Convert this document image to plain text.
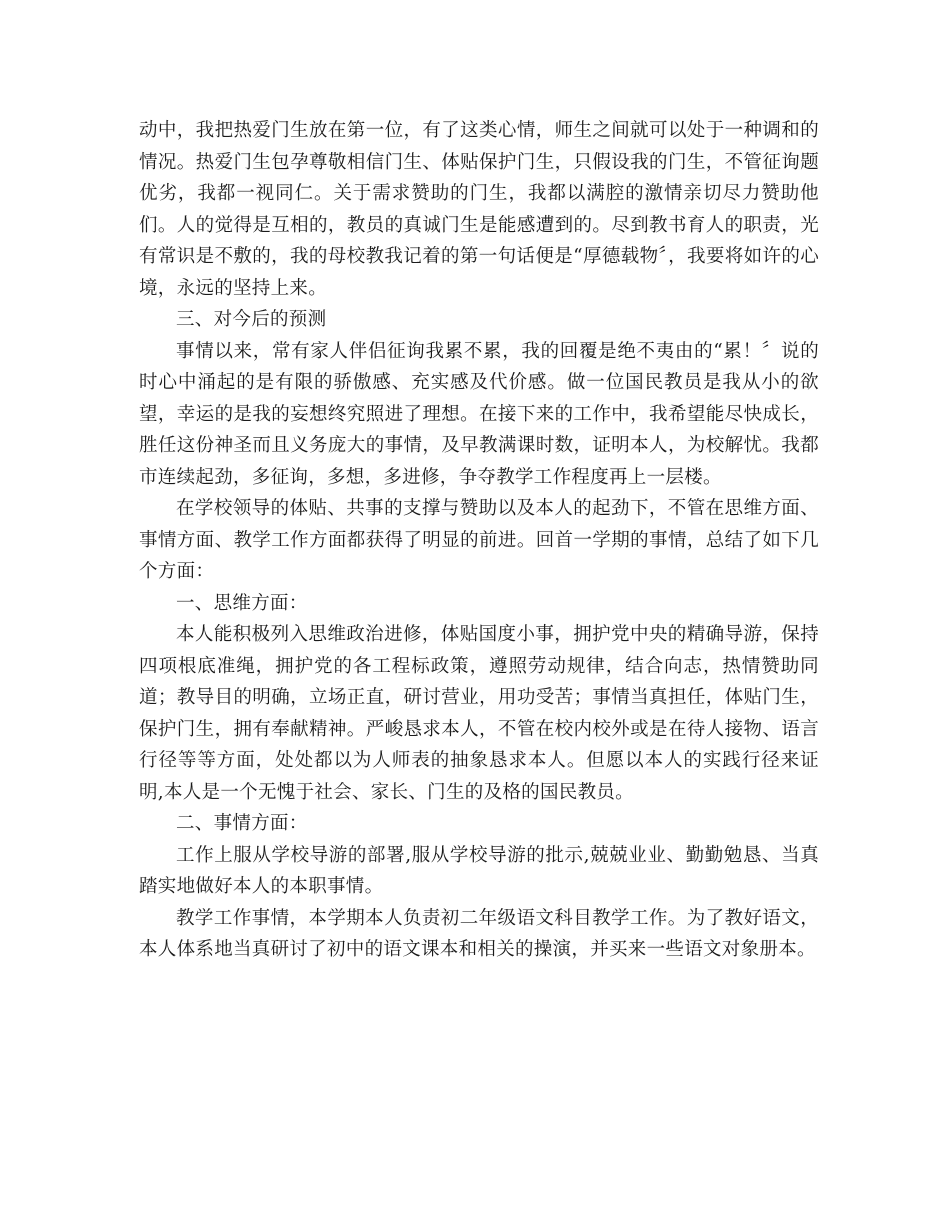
动中，我把热爱门生放在第一位，有了这类心情，师生之间就可以处于一种调和的情况。热爱门生包孕尊敬相信门生、体贴保护门生，只假设我的门生，不管征询题优劣，我都一视同仁。关于需求赞助的门生，我都以满腔的激情亲切尽力赞助他们。人的觉得是互相的，教员的真诚门生是能感遭到的。尽到教书育人的职责，光有常识是不敷的，我的母校教我记着的第一句话便是“厚德载物〞，我要将如许的心境，永远的坚持上来。

三、对今后的预测

事情以来，常有家人伴侣征询我累不累，我的回覆是绝不夷由的“累！〞说的时心中涌起的是有限的骄傲感、充实感及代价感。做一位国民教员是我从小的欲望，幸运的是我的妄想终究照进了理想。在接下来的工作中，我希望能尽快成长，胜任这份神圣而且义务庞大的事情，及早教满课时数，证明本人，为校解忧。我都市连续起劲，多征询，多想，多进修，争夺教学工作程度再上一层楼。

在学校领导的体贴、共事的支撑与赞助以及本人的起劲下，不管在思维方面、事情方面、教学工作方面都获得了明显的前进。回首一学期的事情，总结了如下几个方面：

一、思维方面：

本人能积极列入思维政治进修，体贴国度小事，拥护党中央的精确导游，保持四项根底准绳，拥护党的各工程标政策，遵照劳动规律，结合向志，热情赞助同道；教导目的明确，立场正直，研讨营业，用功受苦；事情当真担任，体贴门生，保护门生，拥有奉献精神。严峻恳求本人，不管在校内校外或是在待人接物、语言行径等等方面，处处都以为人师表的抽象恳求本人。但愿以本人的实践行径来证明,本人是一个无愧于社会、家长、门生的及格的国民教员。

二、事情方面：

工作上服从学校导游的部署,服从学校导游的批示,兢兢业业、勤勤勉恳、当真踏实地做好本人的本职事情。

教学工作事情，本学期本人负责初二年级语文科目教学工作。为了教好语文，本人体系地当真研讨了初中的语文课本和相关的操演，并买来一些语文对象册本。
